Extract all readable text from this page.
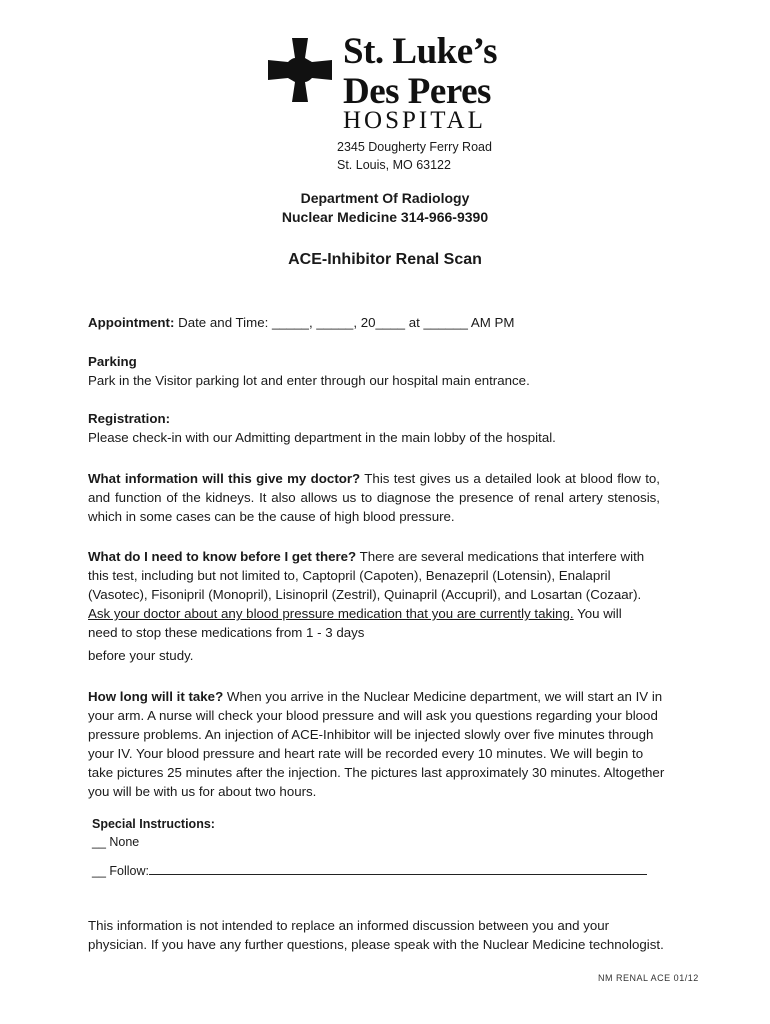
St. Luke’s
Des Peres
HOSPITAL
2345 Dougherty Ferry Road
St. Louis, MO 63122
Department Of Radiology
Nuclear Medicine 314-966-9390
ACE-Inhibitor Renal Scan
Appointment: Date and Time: _____, _____, 20____ at ______ AM PM
Parking
Park in the Visitor parking lot and enter through our hospital main entrance.
Registration:
Please check-in with our Admitting department in the main lobby of the hospital.
What information will this give my doctor? This test gives us a detailed look at blood flow to, and function of the kidneys. It also allows us to diagnose the presence of renal artery stenosis, which in some cases can be the cause of high blood pressure.
What do I need to know before I get there? There are several medications that interfere with this test, including but not limited to, Captopril (Capoten), Benazepril (Lotensin), Enalapril (Vasotec), Fisonipril (Monopril), Lisinopril (Zestril), Quinapril (Accupril), and Losartan (Cozaar). Ask your doctor about any blood pressure medication that you are currently taking. You will need to stop these medications from 1 - 3 days
before your study.
How long will it take? When you arrive in the Nuclear Medicine department, we will start an IV in your arm. A nurse will check your blood pressure and will ask you questions regarding your blood pressure problems. An injection of ACE-Inhibitor will be injected slowly over five minutes through your IV. Your blood pressure and heart rate will be recorded every 10 minutes. We will begin to take pictures 25 minutes after the injection. The pictures last approximately 30 minutes. Altogether you will be with us for about two hours.
Special Instructions:
__ None
__ Follow:
This information is not intended to replace an informed discussion between you and your physician. If you have any further questions, please speak with the Nuclear Medicine technologist.
NM RENAL ACE 01/12
